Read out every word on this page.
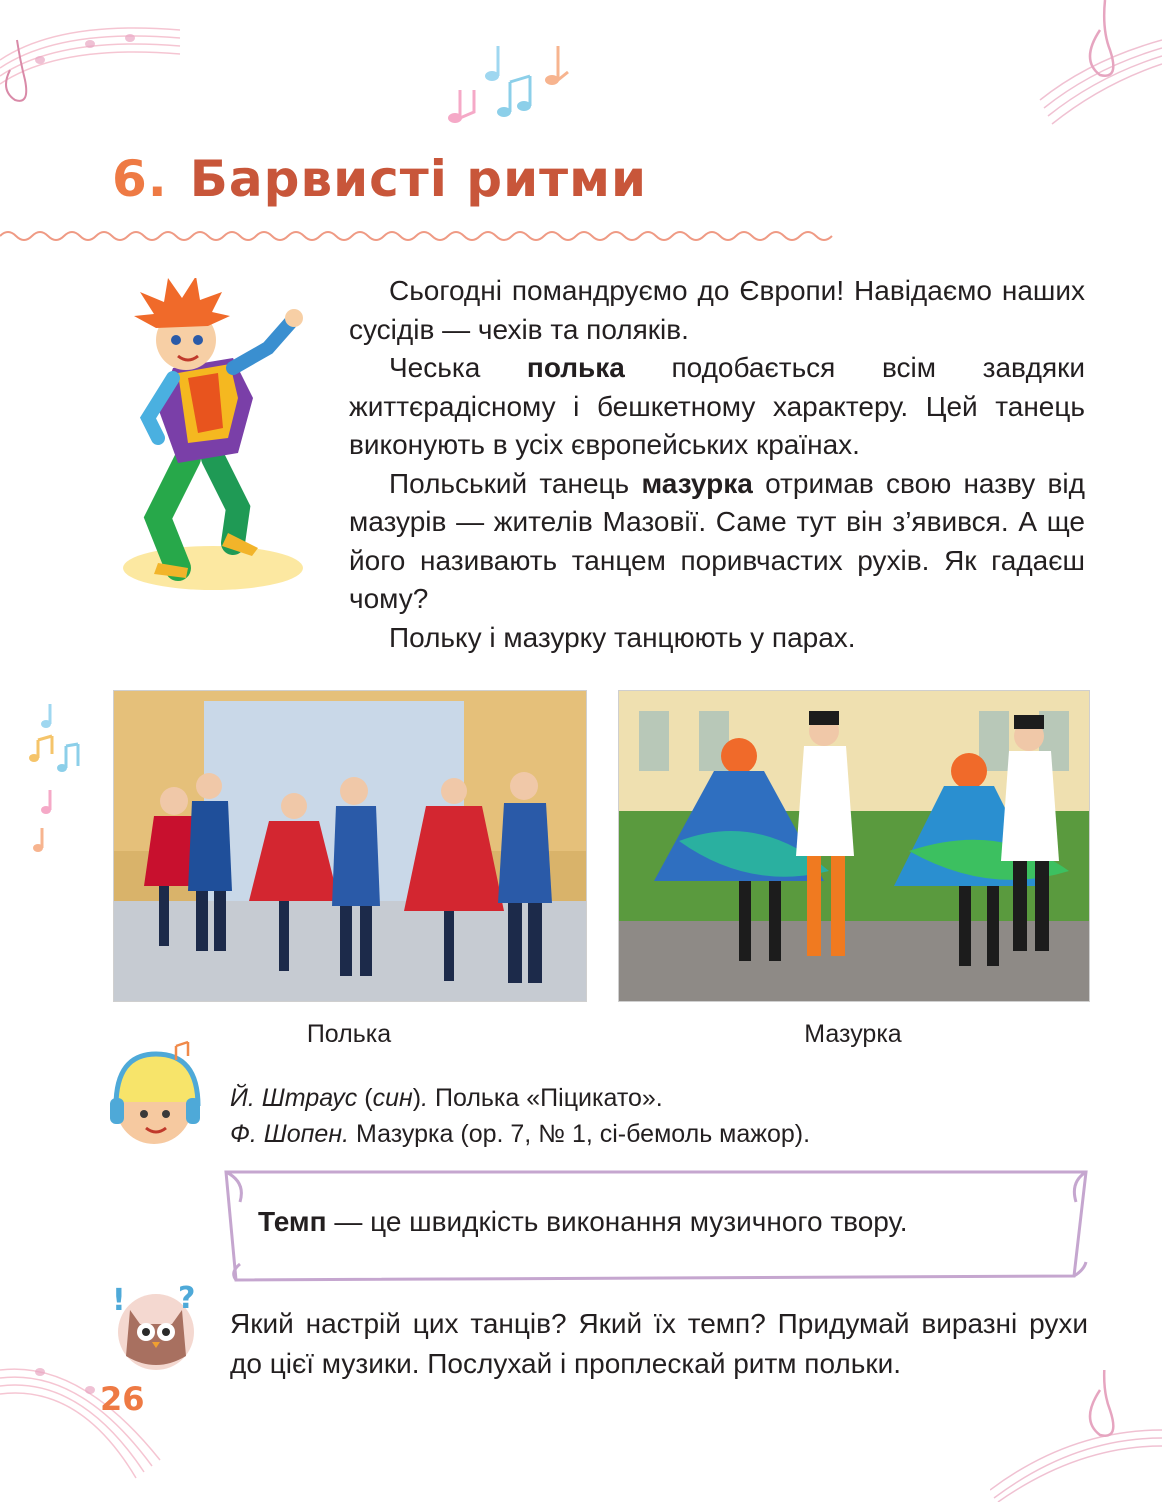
6. Барвисті ритми

Сьогодні помандруємо до Європи! Навідаємо наших сусідів — чехів та поляків.

Чеська полька подобається всім завдяки життєрадісному і бешкетному характеру. Цей танець виконують в усіх європейських країнах.

Польський танець мазурка отримав свою назву від мазурів — жителів Мазовії. Саме тут він з’явився. А ще його називають танцем поривчастих рухів. Як гадаєш чому?

Польку і мазурку танцюють у парах.

Полька	Мазурка
Й. Штраус (син). Полька «Піцикато».
Ф. Шопен. Мазурка (ор. 7, № 1, сі-бемоль мажор).
Темп — це швидкість виконання музичного твору.
! ?

Який настрій цих танців? Який їх темп? Придумай виразні рухи до цієї музики. Послухай і проплескай ритм польки.

26
